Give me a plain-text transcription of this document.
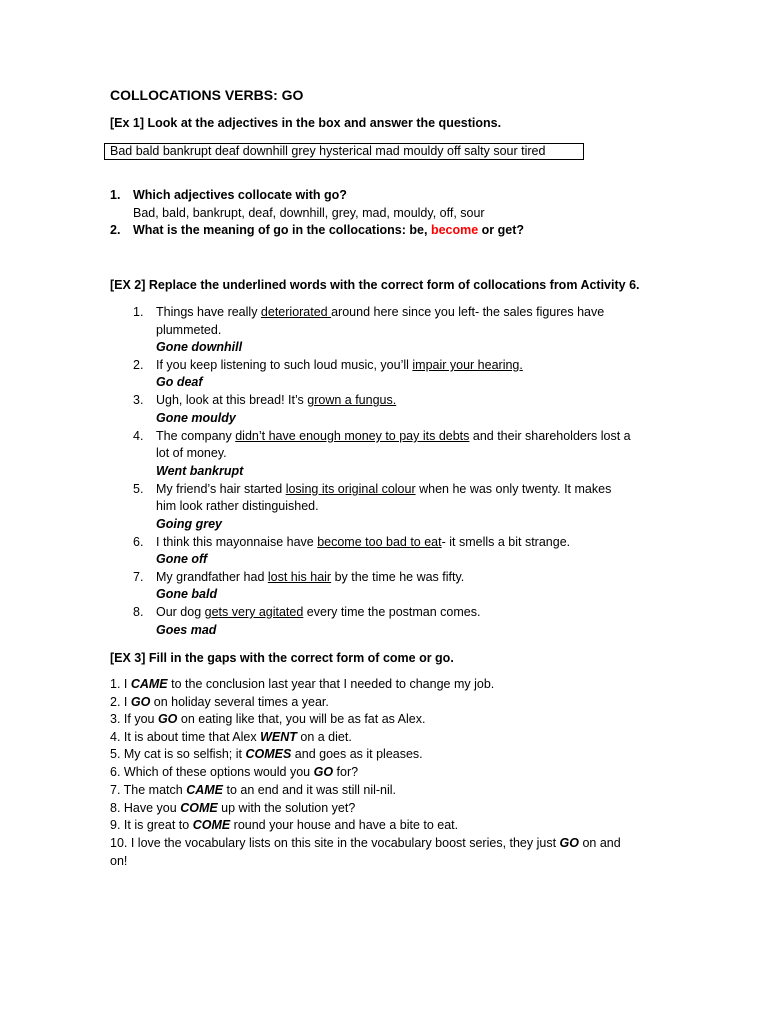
COLLOCATIONS VERBS: GO
[Ex 1] Look at the adjectives in the box and answer the questions.
Bad bald bankrupt deaf downhill grey hysterical mad mouldy off salty sour tired
1. Which adjectives collocate with go?
Bad, bald, bankrupt, deaf, downhill, grey, mad, mouldy, off, sour
2. What is the meaning of go in the collocations: be, become or get?
[EX 2] Replace the underlined words with the correct form of collocations from Activity 6.
1. Things have really deteriorated around here since you left- the sales figures have
plummeted.
Gone downhill
2. If you keep listening to such loud music, you’ll impair your hearing.
Go deaf
3. Ugh, look at this bread! It’s grown a fungus.
Gone mouldy
4. The company didn’t have enough money to pay its debts and their shareholders lost a
lot of money.
Went bankrupt
5. My friend’s hair started losing its original colour when he was only twenty. It makes
him look rather distinguished.
Going grey
6. I think this mayonnaise have become too bad to eat- it smells a bit strange.
Gone off
7. My grandfather had lost his hair by the time he was fifty.
Gone bald
8. Our dog gets very agitated every time the postman comes.
Goes mad
[EX 3] Fill in the gaps with the correct form of come or go.
1. I CAME to the conclusion last year that I needed to change my job.
2. I GO on holiday several times a year.
3. If you GO on eating like that, you will be as fat as Alex.
4. It is about time that Alex WENT on a diet.
5. My cat is so selfish; it COMES and goes as it pleases.
6. Which of these options would you GO for?
7. The match CAME to an end and it was still nil-nil.
8. Have you COME up with the solution yet?
9. It is great to COME round your house and have a bite to eat.
10. I love the vocabulary lists on this site in the vocabulary boost series, they just GO on and
on!
